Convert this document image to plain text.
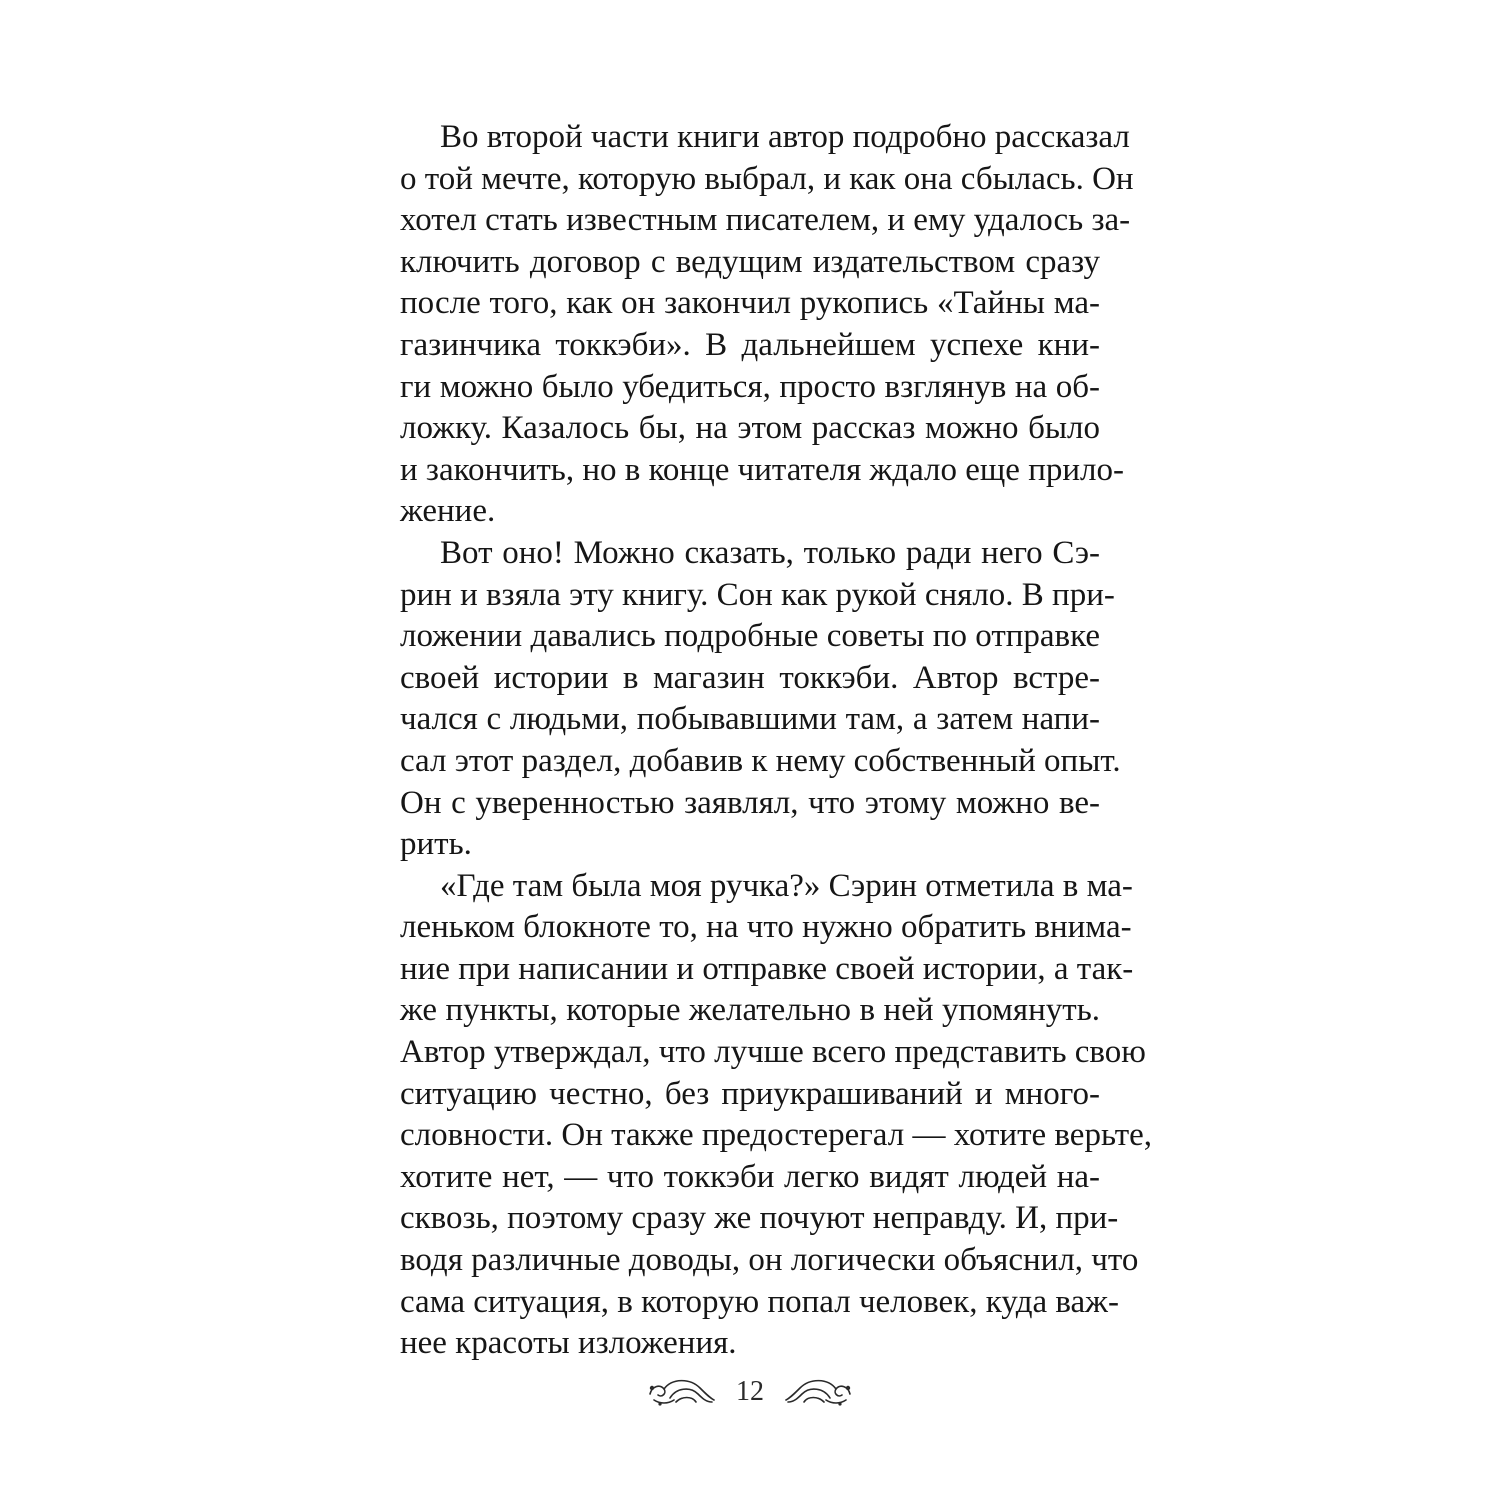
Во второй части книги автор подробно рассказал
о той мечте, которую выбрал, и как она сбылась. Он
хотел стать известным писателем, и ему удалось за-
ключить договор с ведущим издательством сразу
после того, как он закончил рукопись «Тайны ма-
газинчика токкэби». В дальнейшем успехе кни-
ги можно было убедиться, просто взглянув на об-
ложку. Казалось бы, на этом рассказ можно было
и закончить, но в конце читателя ждало еще прило-
жение.
Вот оно! Можно сказать, только ради него Сэ-
рин и взяла эту книгу. Сон как рукой сняло. В при-
ложении давались подробные советы по отправке
своей истории в магазин токкэби. Автор встре-
чался с людьми, побывавшими там, а затем напи-
сал этот раздел, добавив к нему собственный опыт.
Он с уверенностью заявлял, что этому можно ве-
рить.
«Где там была моя ручка?» Сэрин отметила в ма-
леньком блокноте то, на что нужно обратить внима-
ние при написании и отправке своей истории, а так-
же пункты, которые желательно в ней упомянуть.
Автор утверждал, что лучше всего представить свою
ситуацию честно, без приукрашиваний и много-
словности. Он также предостерегал — хотите верьте,
хотите нет, — что токкэби легко видят людей на-
сквозь, поэтому сразу же почуют неправду. И, при-
водя различные доводы, он логически объяснил, что
сама ситуация, в которую попал человек, куда важ-
нее красоты изложения.
12
